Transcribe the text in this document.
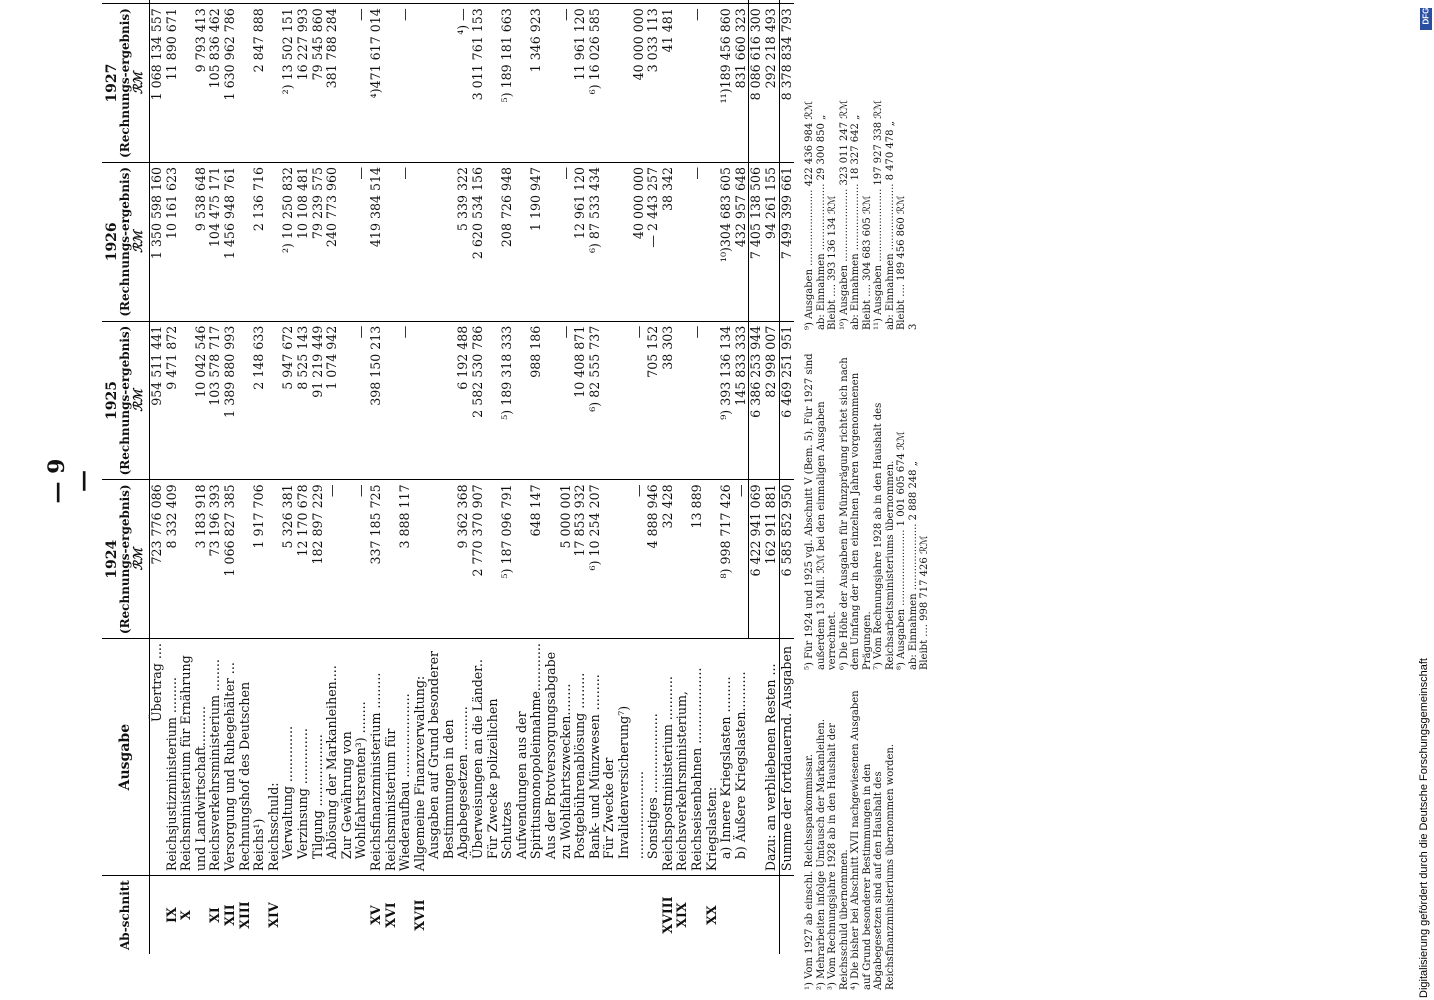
— 9 —
Ab-schnitt	Ausgabe	1924
(Rechnungs-ergebnis)
ℛℳ	1925
(Rechnungs-ergebnis)
ℛℳ	1926
(Rechnungs-ergebnis)
ℛℳ	1927
(Rechnungs-ergebnis)
ℛℳ	

	Übertrag ....	723 776 086	954 511 441	1 350 598 160	1 068 134 557	
IX	Reichsjustizministerium .........	8 332 409	9 471 872	10 161 623	11 890 671	
X	Reichsministerium für Ernährung und Landwirtschaft..........	3 183 918	10 042 546	9 538 648	9 793 413	
XI	Reichsverkehrsministerium ........	73 196 393	103 578 717	104 475 171	105 836 462	
XII	Versorgung und Ruhegehälter ...	1 066 827 385	1 389 880 993	1 456 948 761	1 630 962 786	
XIII	Rechnungshof des Deutschen Reichs¹)	1 917 706	2 148 633	2 136 716	2 847 888	
XIV	Reichsschuld:					

	Verwaltung ..............	5 326 381	5 947 672	²) 10 250 832	²) 13 502 151	

	Verzinsung ..............	12 170 678	8 525 143	10 108 481	16 227 993	

	Tilgung ..................	182 897 229	91 219 449	79 239 575	79 545 860	

	Ablösung der Markanleihen....	—	1 074 942	240 773 960	381 788 284	

	Zur Gewährung von Wohlfahrtsrenten³) ........	—	—	—	—	
XV	Reichsfinanzministerium .........	337 185 725	398 150 213	419 384 514	⁴)471 617 014	
XVI	Reichsministerium für Wiederaufbau .....................	3 888 117	—	—	—	
XVII	Allgemeine Finanzverwaltung:					

	Ausgaben auf Grund besonderer Bestimmungen in den Abgabegesetzen ...........	9 362 368	6 192 488	5 339 322	⁴) —	

	Überweisungen an die Länder..	2 770 370 907	2 582 530 786	2 620 534 156	3 011 761 153	

	Für Zwecke polizeilichen Schutzes	⁵) 187 096 791	⁵) 189 318 333	208 726 948	⁵) 189 181 663	

	Aufwendungen aus der Spiritusmonopoleinnahme............	648 147	988 186	1 190 947	1 346 923	

	Aus der Brotversorgungsabgabe zu Wohlfahrtszwecken........	5 000 001	—	—	—	

	Postgebührenablösung .........	17 853 932	10 408 871	12 961 120	11 961 120	

	Bank- und Münzwesen .........	⁶) 10 254 207	⁶) 82 555 737	⁶) 87 533 434	⁶) 16 026 585	

	Für Zwecke der Invalidenversicherung⁷) ......................	—	—	40 000 000	40 000 000	

	Sonstiges ....................	4 888 946	705 152	— 2 443 257	3 033 113	
XVIII	Reichspostministerium ...........	32 428	38 303	38 342	41 481	
XIX	Reichsverkehrsministerium, Reichseisenbahnen ...................	13 889	—	—	—	
XX	Kriegslasten:					

	a) Innere Kriegslasten .........	⁸) 998 717 426	⁹) 393 136 134	¹⁰)304 683 605	¹¹)189 456 860	

	b) Äußere Kriegslasten..........	—	145 833 333	432 957 648	831 660 323	
		6 422 941 069	6 386 253 944	7 405 138 506	8 086 616 300	
	Dazu: an verbliebenen Resten ...	162 911 881	82 998 007	94 261 155	292 218 493	
	Summe der fortdauernd. Ausgaben	6 585 852 950	6 469 251 951	7 499 399 661	8 378 834 793	
¹) Vom 1927 ab einschl. Reichssparkommissar. ²) Mehrarbeiten infolge Umtausch der Markanleihen. ³) Vom Rechnungsjahre 1928 ab in den Haushalt der Reichsschuld übernommen. ⁴) Die bisher bei Abschnitt XVII nachgewiesenen Ausgaben auf Grund besonderer Bestimmungen in den Abgabegesetzen sind auf den Haushalt des Reichsfinanzministeriums übernommen worden.
⁵) Für 1924 und 1925 vgl. Abschnitt V (Bem. 5). Für 1927 sind außerdem 13 Mill. ℛℳ bei den einmaligen Ausgaben verrechnet. ⁶) Die Höhe der Ausgaben für Münzprägung richtet sich nach dem Umfang der in den einzelnen Jahren vorgenommenen Prägungen. ⁷) Vom Rechnungsjahre 1928 ab in den Haushalt des Reichsarbeitsministeriums übernommen. ⁸) Ausgaben ........................ 1 001 605 674 ℛℳ ab: Einnahmen ..................... 2 888 248 „ Bleibt .... 998 717 426 ℛℳ
⁹) Ausgaben ........................ 422 436 984 ℛℳ ab: Einnahmen ..................... 29 300 850 „ Bleibt .... 393 136 134 ℛℳ ¹⁰) Ausgaben ....................... 323 011 247 ℛℳ ab: Einnahmen ..................... 18 327 642 „ Bleibt .... 304 683 605 ℛℳ ¹¹) Ausgaben ....................... 197 927 338 ℛℳ ab: Einnahmen ..................... 8 470 478 „ Bleibt .... 189 456 860 ℛℳ 3
DFG
Digitalisierung gefördert durch die Deutsche Forschungsgemeinschaft
